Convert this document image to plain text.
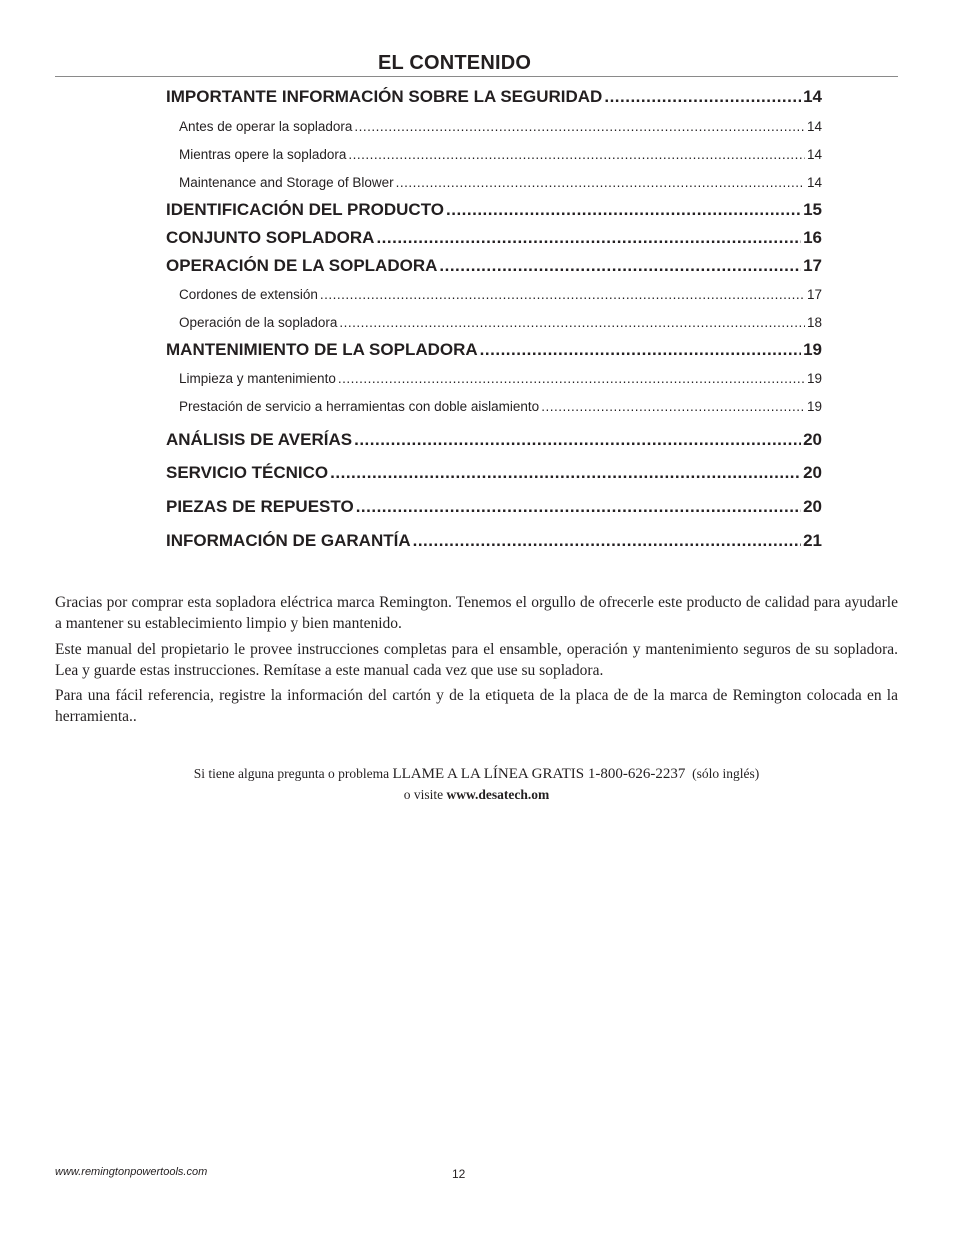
EL CONTENIDO
IMPORTANTE INFORMACIÓN SOBRE LA SEGURIDAD .....	14
Antes de operar la sopladora .....	14
Mientras opere la sopladora .....	14
Maintenance and Storage of Blower .....	14
IDENTIFICACIÓN DEL PRODUCTO .....	15
CONJUNTO SOPLADORA .....	16
OPERACIÓN DE LA SOPLADORA .....	17
Cordones de extensión .....	17
Operación de la sopladora .....	18
MANTENIMIENTO DE LA SOPLADORA .....	19
Limpieza y mantenimiento .....	19
Prestación de servicio a herramientas con doble aislamiento .....	19
ANÁLISIS DE AVERÍAS .....	20
SERVICIO TÉCNICO .....	20
PIEZAS DE REPUESTO .....	20
INFORMACIÓN DE GARANTÍA .....	21
Gracias por comprar esta sopladora eléctrica marca Remington. Tenemos el orgullo de ofrecerle este producto de calidad para ayudarle a mantener su establecimiento limpio y bien mantenido.
Este manual del propietario le provee instrucciones completas para el ensamble, operación y mantenimiento seguros de su sopladora. Lea y guarde estas instrucciones. Remítase a este manual cada vez que use su sopladora.
Para una fácil referencia, registre la información del cartón y de la etiqueta de la placa de de la marca de Remington colocada en la herramienta..
Si tiene alguna pregunta o problema LLAME A LA LÍNEA GRATIS 1-800-626-2237 (sólo inglés)
o visite www.desatech.om
www.remingtonpowertools.com	12
